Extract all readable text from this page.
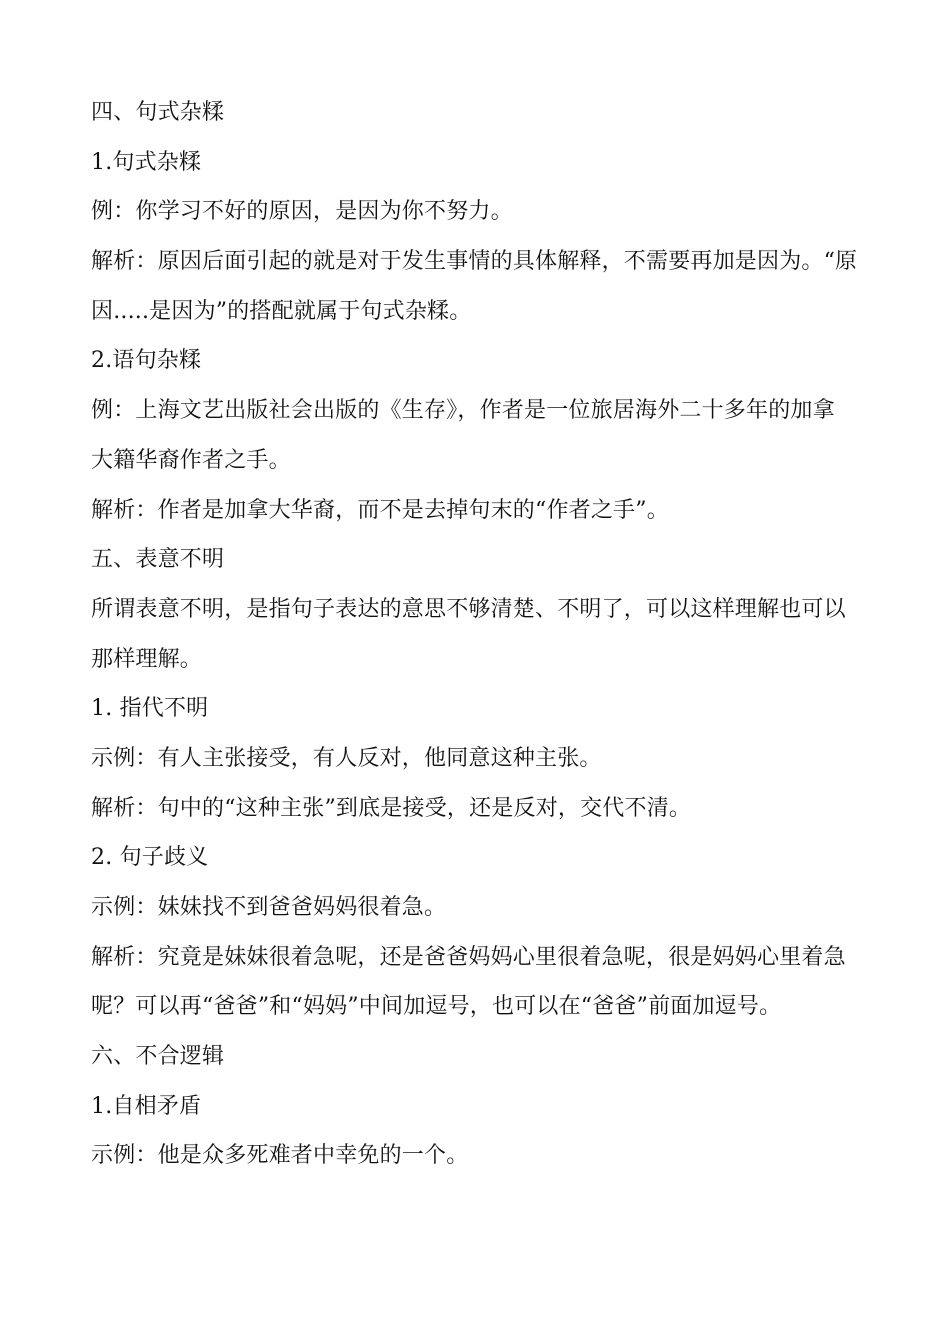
四、句式杂糅
1.句式杂糅
例：你学习不好的原因，是因为你不努力。
解析：原因后面引起的就是对于发生事情的具体解释，不需要再加是因为。“原
因.....是因为”的搭配就属于句式杂糅。
2.语句杂糅
例：上海文艺出版社会出版的《生存》，作者是一位旅居海外二十多年的加拿
大籍华裔作者之手。
解析：作者是加拿大华裔，而不是去掉句末的“作者之手”。
五、表意不明
所谓表意不明，是指句子表达的意思不够清楚、不明了，可以这样理解也可以
那样理解。
1. 指代不明
示例：有人主张接受，有人反对，他同意这种主张。
解析：句中的“这种主张”到底是接受，还是反对，交代不清。
2. 句子歧义
示例：妹妹找不到爸爸妈妈很着急。
解析：究竟是妹妹很着急呢，还是爸爸妈妈心里很着急呢，很是妈妈心里着急
呢？可以再“爸爸”和“妈妈”中间加逗号，也可以在“爸爸”前面加逗号。
六、不合逻辑
1.自相矛盾
示例：他是众多死难者中幸免的一个。
